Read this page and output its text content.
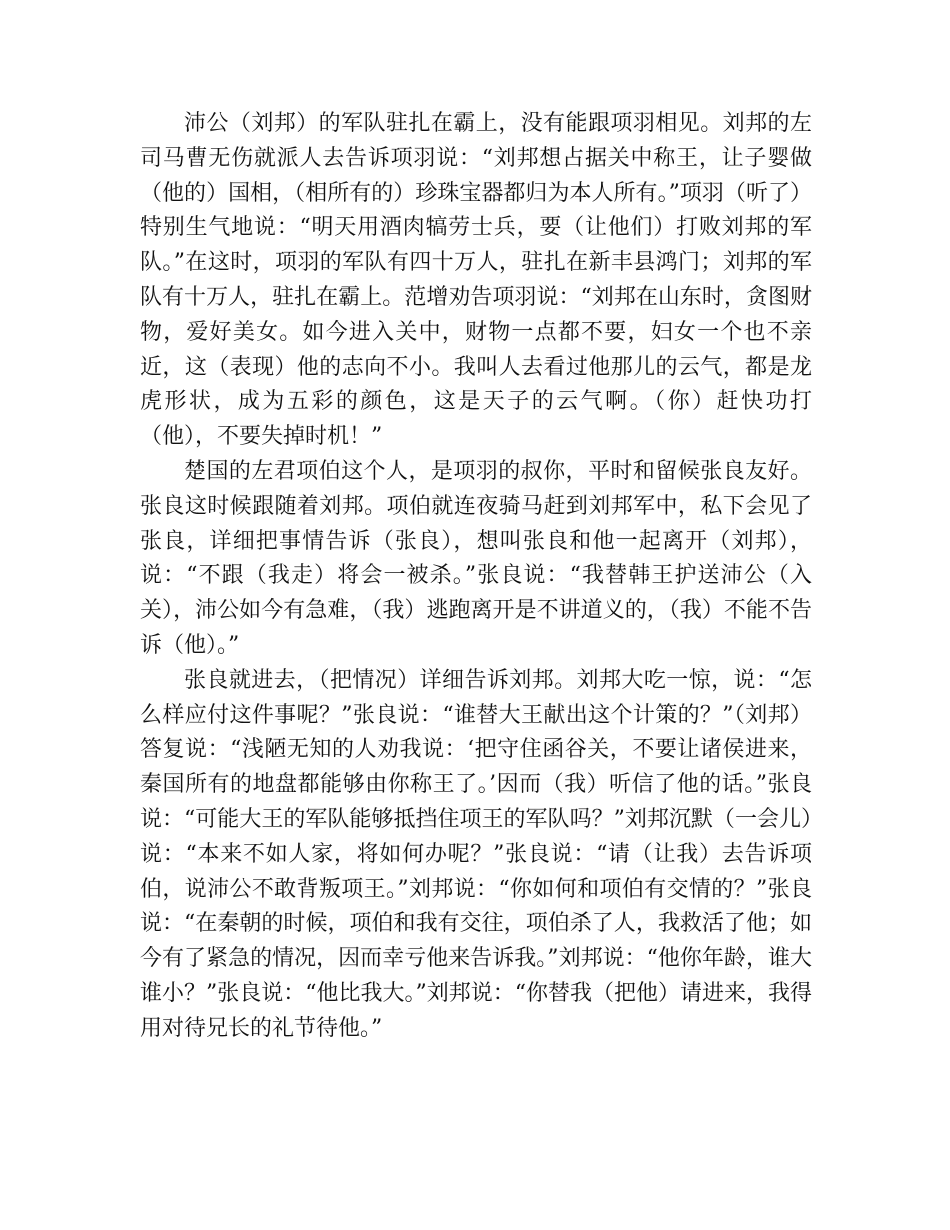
沛公（刘邦）的军队驻扎在霸上，没有能跟项羽相见。刘邦的左司马曹无伤就派人去告诉项羽说：“刘邦想占据关中称王，让子婴做（他的）国相，（相所有的）珍珠宝器都归为本人所有。”项羽（听了）特别生气地说：“明天用酒肉犒劳士兵，要（让他们）打败刘邦的军队。”在这时，项羽的军队有四十万人，驻扎在新丰县鸿门；刘邦的军队有十万人，驻扎在霸上。范增劝告项羽说：“刘邦在山东时，贪图财物，爱好美女。如今进入关中，财物一点都不要，妇女一个也不亲近，这（表现）他的志向不小。我叫人去看过他那儿的云气，都是龙虎形状，成为五彩的颜色，这是天子的云气啊。（你）赶快功打（他），不要失掉时机！”

楚国的左君项伯这个人，是项羽的叔你，平时和留候张良友好。张良这时候跟随着刘邦。项伯就连夜骑马赶到刘邦军中，私下会见了张良，详细把事情告诉（张良），想叫张良和他一起离开（刘邦），说：“不跟（我走）将会一被杀。”张良说：“我替韩王护送沛公（入关），沛公如今有急难，（我）逃跑离开是不讲道义的，（我）不能不告诉（他）。”

张良就进去，（把情况）详细告诉刘邦。刘邦大吃一惊，说：“怎么样应付这件事呢？”张良说：“谁替大王献出这个计策的？”（刘邦）答复说：“浅陋无知的人劝我说：‘把守住函谷关，不要让诸侯进来，秦国所有的地盘都能够由你称王了。’因而（我）听信了他的话。”张良说：“可能大王的军队能够抵挡住项王的军队吗？”刘邦沉默（一会儿）说：“本来不如人家，将如何办呢？”张良说：“请（让我）去告诉项伯，说沛公不敢背叛项王。”刘邦说：“你如何和项伯有交情的？”张良说：“在秦朝的时候，项伯和我有交往，项伯杀了人，我救活了他；如今有了紧急的情况，因而幸亏他来告诉我。”刘邦说：“他你年龄，谁大谁小？”张良说：“他比我大。”刘邦说：“你替我（把他）请进来，我得用对待兄长的礼节待他。”
